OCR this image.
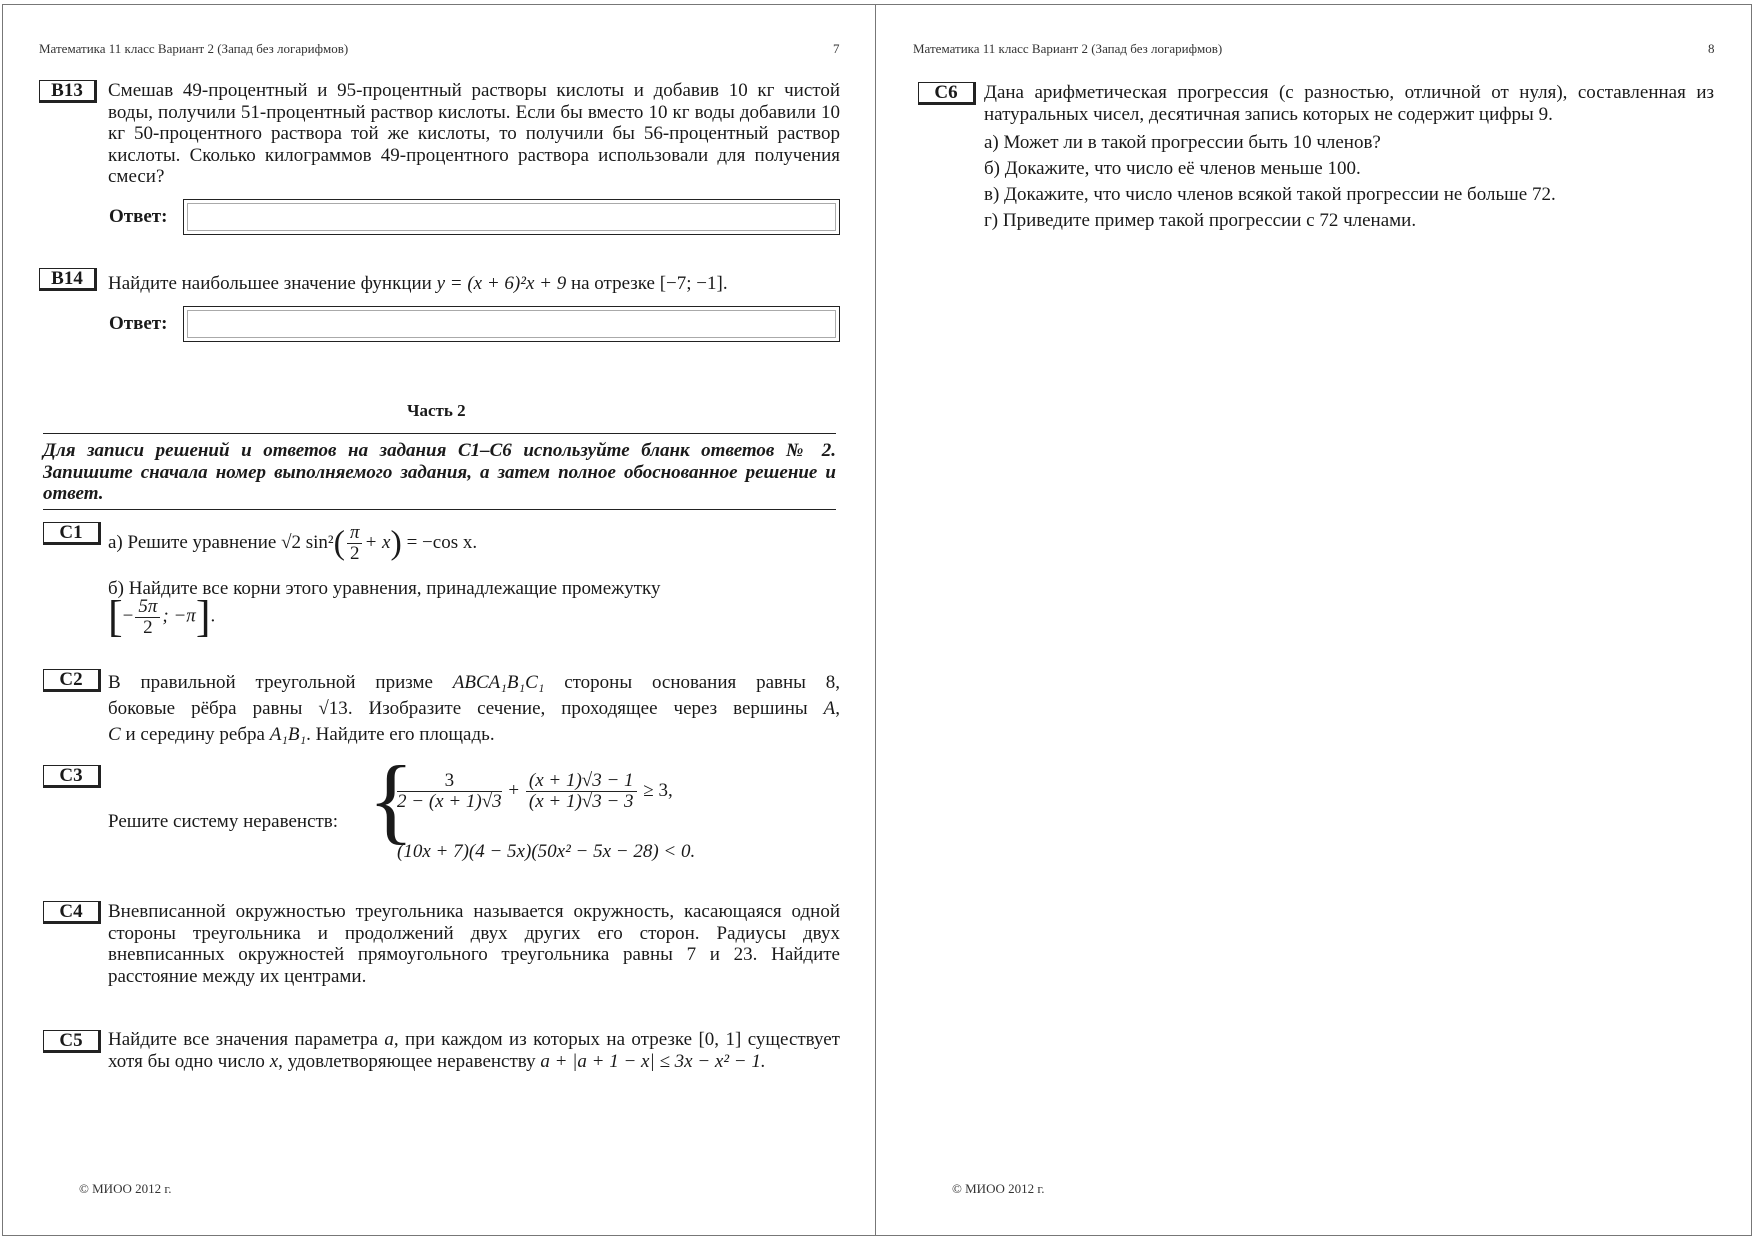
Математика 11 класс Вариант 2 (Запад без логарифмов)	7
B13	Смешав 49-процентный и 95-процентный растворы кислоты и добавив 10 кг чистой воды, получили 51-процентный раствор кислоты. Если бы вместо 10 кг воды добавили 10 кг 50-процентного раствора той же кислоты, то получили бы 56-процентный раствор кислоты. Сколько килограммов 49-процентного раствора использовали для получения смеси?
Ответ:
B14	Найдите наибольшее значение функции y = (x + 6)²x + 9 на отрезке [−7; −1].
Ответ:
Часть 2
Для записи решений и ответов на задания С1–С6 используйте бланк ответов № 2. Запишите сначала номер выполняемого задания, а затем полное обоснованное решение и ответ.
С1	а) Решите уравнение √2 $\sin^2( \frac{\pi}{2} + x) = -\cos$ x.
б) Найдите все корни этого уравнения, принадлежащие промежутку
[− $\frac{5\pi}{2}$ ; −π].
С2	В правильной треугольной призме ABCA₁B₁C₁ стороны основания равны 8,
боковые рёбра равны √13. Изобразите сечение, проходящее через вершины A,
C и середину ребра A₁B₁. Найдите его площадь.
С3
Решите систему неравенств: {
$\frac{3}{2 - (x + 1)√3} + \frac{(x + 1)√3 - 1}{(x + 1)√3 - 3} \ge 3$,
(10x + 7)(4 − 5x)(50x² − 5x − 28) < 0.
С4	Вневписанной окружностью треугольника называется окружность, касающаяся одной стороны треугольника и продолжений двух других его сторон. Радиусы двух вневписанных окружностей прямоугольного треугольника равны 7 и 23. Найдите расстояние между их центрами.
С5	Найдите все значения параметра a, при каждом из которых на отрезке [0, 1] существует хотя бы одно число x, удовлетворяющее неравенству a + |a + 1 − x| ≤ 3x − x² − 1.
© МИОО 2012 г.
Математика 11 класс Вариант 2 (Запад без логарифмов)	8
С6	Дана арифметическая прогрессия (с разностью, отличной от нуля), составленная из натуральных чисел, десятичная запись которых не содержит цифры 9.

а) Может ли в такой прогрессии быть 10 членов?
б) Докажите, что число её членов меньше 100.
в) Докажите, что число членов всякой такой прогрессии не больше 72.
г) Приведите пример такой прогрессии с 72 членами.
© МИОО 2012 г.
